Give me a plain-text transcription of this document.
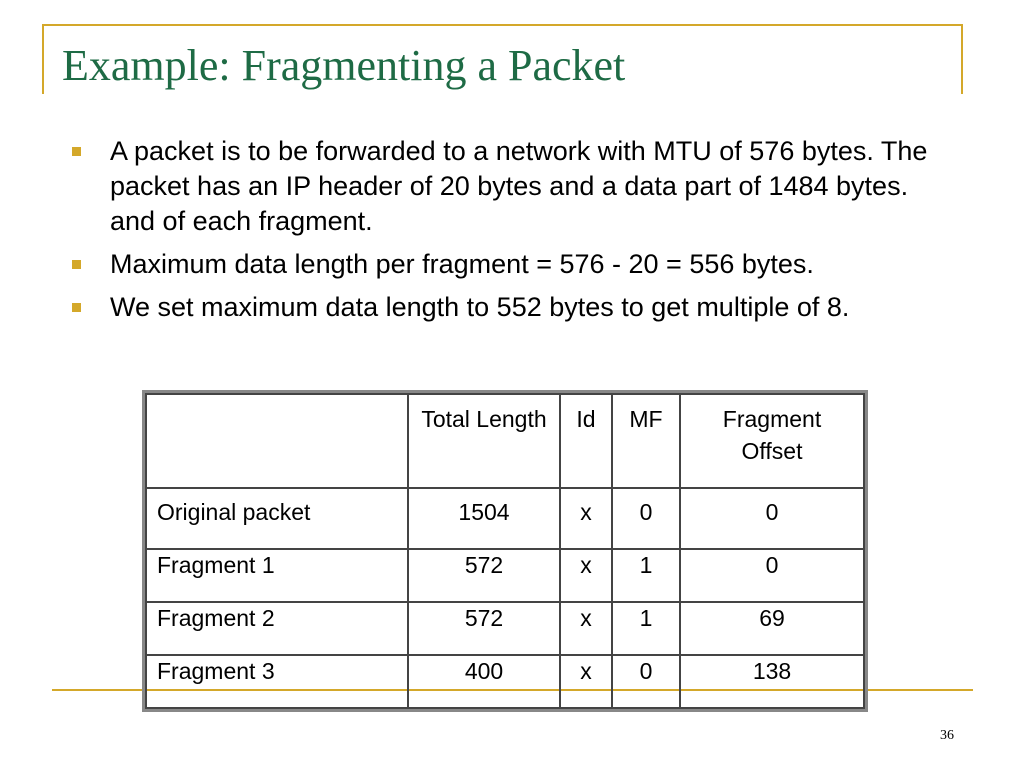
Example: Fragmenting a Packet
A packet is to be forwarded to a network with MTU of 576 bytes. The packet has an IP header of 20 bytes and a data part of 1484 bytes. and of each fragment.
Maximum data length per fragment = 576 - 20 = 556 bytes.
We set maximum data length to 552 bytes to get multiple of 8.
	Total Length	Id	MF	Fragment Offset
Original packet	1504	x	0	0
Fragment 1	572	x	1	0
Fragment 2	572	x	1	69
Fragment 3	400	x	0	138
36
